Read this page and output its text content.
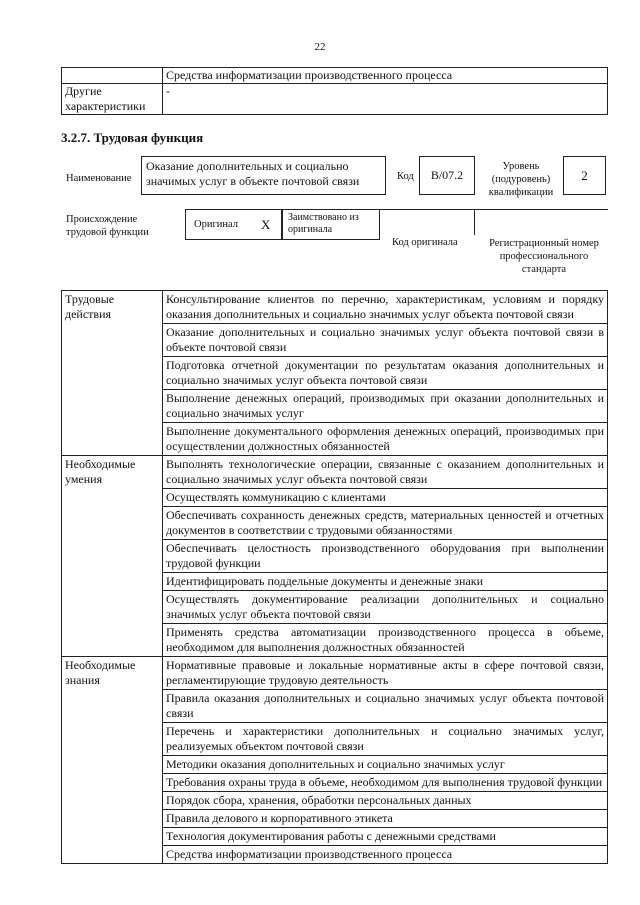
22
	Средства информатизации производственного процесса
Другие характеристики	-
3.2.7. Трудовая функция
Наименование
Оказание дополнительных и социально значимых услуг в объекте почтовой связи	Код	B/07.2
Уровень (подуровень) квалификации
2
Происхождение трудовой функции
Оригинал X Заимствовано из оригинала
Код оригинала	Регистрационный номер профессионального стандарта
Трудовые действия	Консультирование клиентов по перечню, характеристикам, условиям и порядку оказания дополнительных и социально значимых услуг объекта почтовой связи
	Оказание дополнительных и социально значимых услуг объекта почтовой связи в объекте почтовой связи
	Подготовка отчетной документации по результатам оказания дополнительных и социально значимых услуг объекта почтовой связи
	Выполнение денежных операций, производимых при оказании дополнительных и социально значимых услуг
	Выполнение документального оформления денежных операций, производимых при осуществлении должностных обязанностей
Необходимые умения	Выполнять технологические операции, связанные с оказанием дополнительных и социально значимых услуг объекта почтовой связи
	Осуществлять коммуникацию с клиентами
	Обеспечивать сохранность денежных средств, материальных ценностей и отчетных документов в соответствии с трудовыми обязанностями
	Обеспечивать целостность производственного оборудования при выполнении трудовой функции
	Идентифицировать поддельные документы и денежные знаки
	Осуществлять документирование реализации дополнительных и социально значимых услуг объекта почтовой связи
	Применять средства автоматизации производственного процесса в объеме, необходимом для выполнения должностных обязанностей
Необходимые знания	Нормативные правовые и локальные нормативные акты в сфере почтовой связи, регламентирующие трудовую деятельность
	Правила оказания дополнительных и социально значимых услуг объекта почтовой связи
	Перечень и характеристики дополнительных и социально значимых услуг, реализуемых объектом почтовой связи
	Методики оказания дополнительных и социально значимых услуг
	Требования охраны труда в объеме, необходимом для выполнения трудовой функции
	Порядок сбора, хранения, обработки персональных данных
	Правила делового и корпоративного этикета
	Технология документирования работы с денежными средствами
	Средства информатизации производственного процесса
